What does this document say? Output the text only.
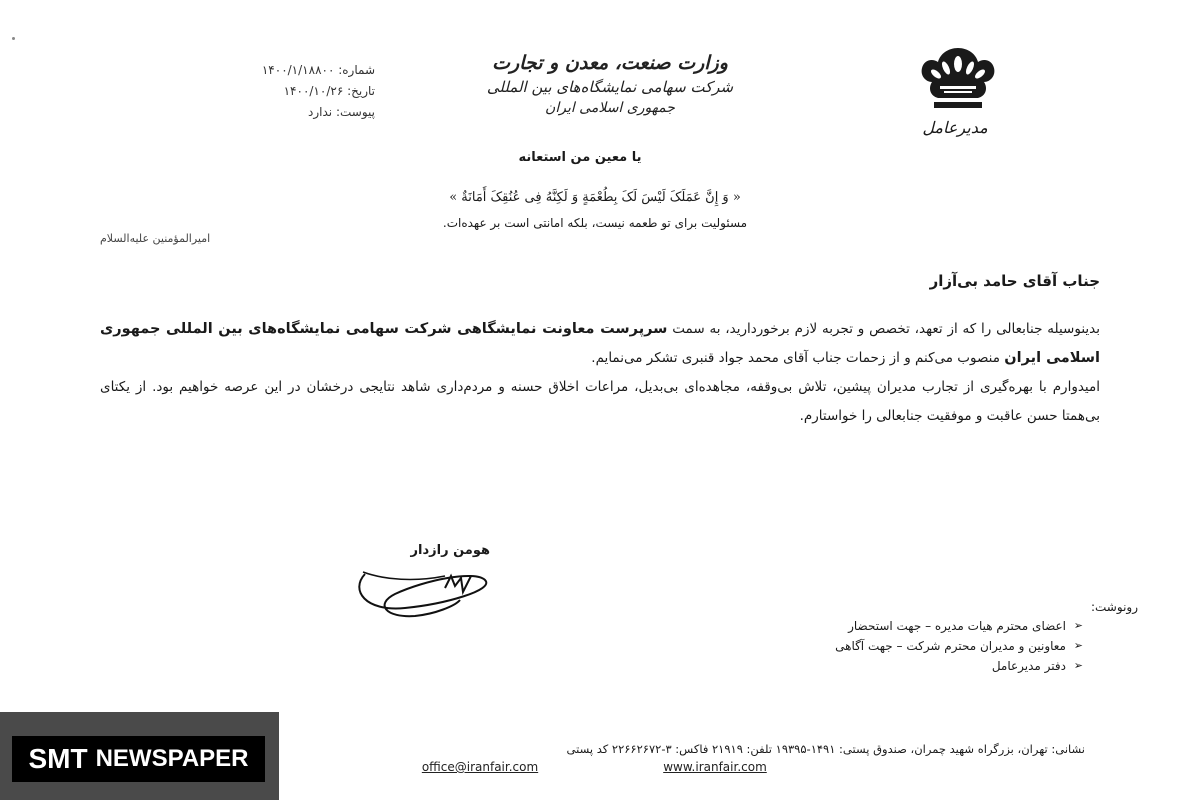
شماره: ۱۴۰۰/۱/۱۸۸۰۰
تاریخ: ۱۴۰۰/۱۰/۲۶
پیوست: ندارد
وزارت صنعت، معدن و تجارت
شرکت سهامی نمایشگاه‌های بین المللی
جمهوری اسلامی ایران
مدیرعامل
یا معین من استعانه
« وَ إِنَّ عَمَلَکَ لَیْسَ لَکَ بِطُعْمَةٍ وَ لَکِنَّهُ فِی عُنُقِکَ أَمَانَةٌ »
مسئولیت برای تو طعمه نیست، بلکه امانتی است بر عهده‌ات.
امیرالمؤمنین علیه‌السلام
جناب آقای حامد بی‌آزار

بدینوسیله جنابعالی را که از تعهد، تخصص و تجربه لازم برخوردارید، به سمت سرپرست معاونت نمایشگاهی شرکت سهامی نمایشگاه‌های بین المللی جمهوری اسلامی ایران منصوب می‌کنم و از زحمات جناب آقای محمد جواد قنبری تشکر می‌نمایم.

امیدوارم با بهره‌گیری از تجارب مدیران پیشین، تلاش بی‌وقفه، مجاهده‌ای بی‌بدیل، مراعات اخلاق حسنه و مردم‌داری شاهد نتایجی درخشان در این عرصه خواهیم بود. از یکتای بی‌همتا حسن عاقبت و موفقیت جنابعالی را خواستارم.

هومن رازدار
رونوشت:
➢
اعضای محترم هیات مدیره – جهت استحضار
➢
معاونین و مدیران محترم شرکت – جهت آگاهی
➢
دفتر مدیرعامل
نشانی: تهران، بزرگراه شهید چمران، صندوق پستی: ۱۴۹۱-۱۹۳۹۵ تلفن: ۲۱۹۱۹ فاکس: ۳-۲۲۶۶۲۶۷۲ کد پستی
office@iranfair.com	www.iranfair.com
SMT NEWSPAPER
